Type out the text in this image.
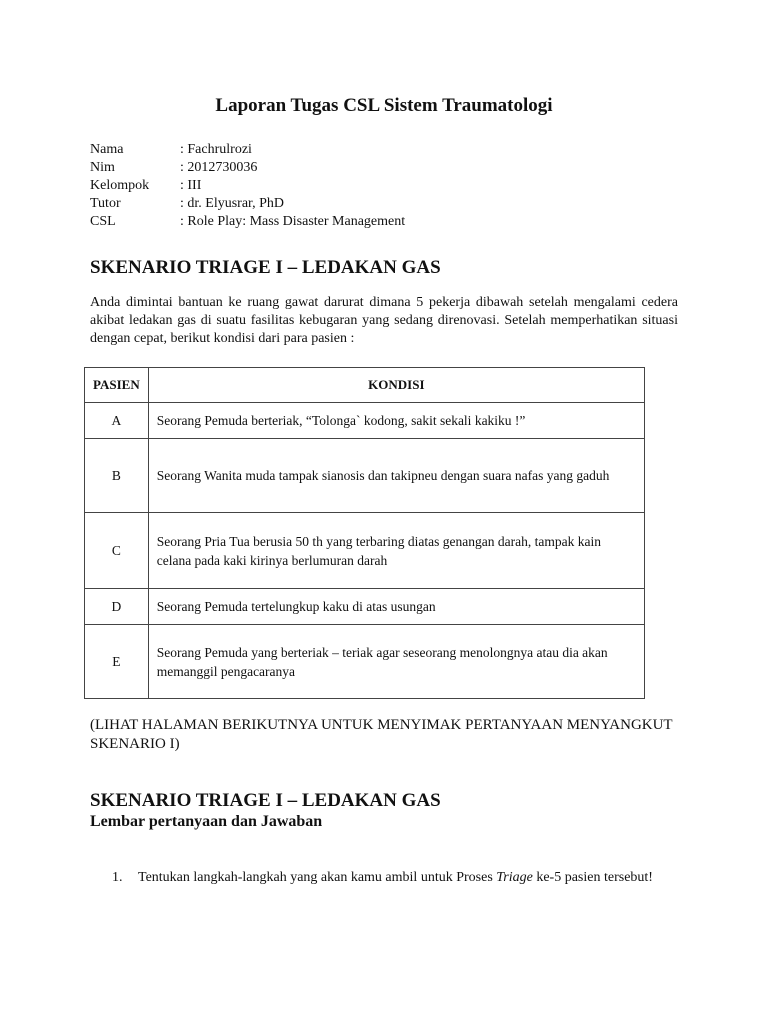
Laporan Tugas CSL Sistem Traumatologi
Nama	: Fachrulrozi
Nim	: 2012730036
Kelompok	: III
Tutor	: dr. Elyusrar, PhD
CSL	: Role Play: Mass Disaster Management
SKENARIO TRIAGE I – LEDAKAN GAS
Anda dimintai bantuan ke ruang gawat darurat dimana 5 pekerja dibawah setelah mengalami cedera akibat ledakan gas di suatu fasilitas kebugaran yang sedang direnovasi. Setelah memperhatikan situasi dengan cepat, berikut kondisi dari para pasien :
PASIEN	KONDISI
A	Seorang Pemuda berteriak, “Tolonga` kodong, sakit sekali kakiku !”
B	Seorang Wanita muda tampak sianosis dan takipneu dengan suara nafas yang gaduh
C	Seorang Pria Tua berusia 50 th yang terbaring diatas genangan darah, tampak kain celana pada kaki kirinya berlumuran darah
D	Seorang Pemuda tertelungkup kaku di atas usungan
E	Seorang Pemuda yang berteriak – teriak agar seseorang menolongnya atau dia akan memanggil pengacaranya
(LIHAT HALAMAN BERIKUTNYA UNTUK MENYIMAK PERTANYAAN MENYANGKUT SKENARIO I)
SKENARIO TRIAGE I – LEDAKAN GAS
Lembar pertanyaan dan Jawaban
1. Tentukan langkah-langkah yang akan kamu ambil untuk Proses Triage ke-5 pasien tersebut!
